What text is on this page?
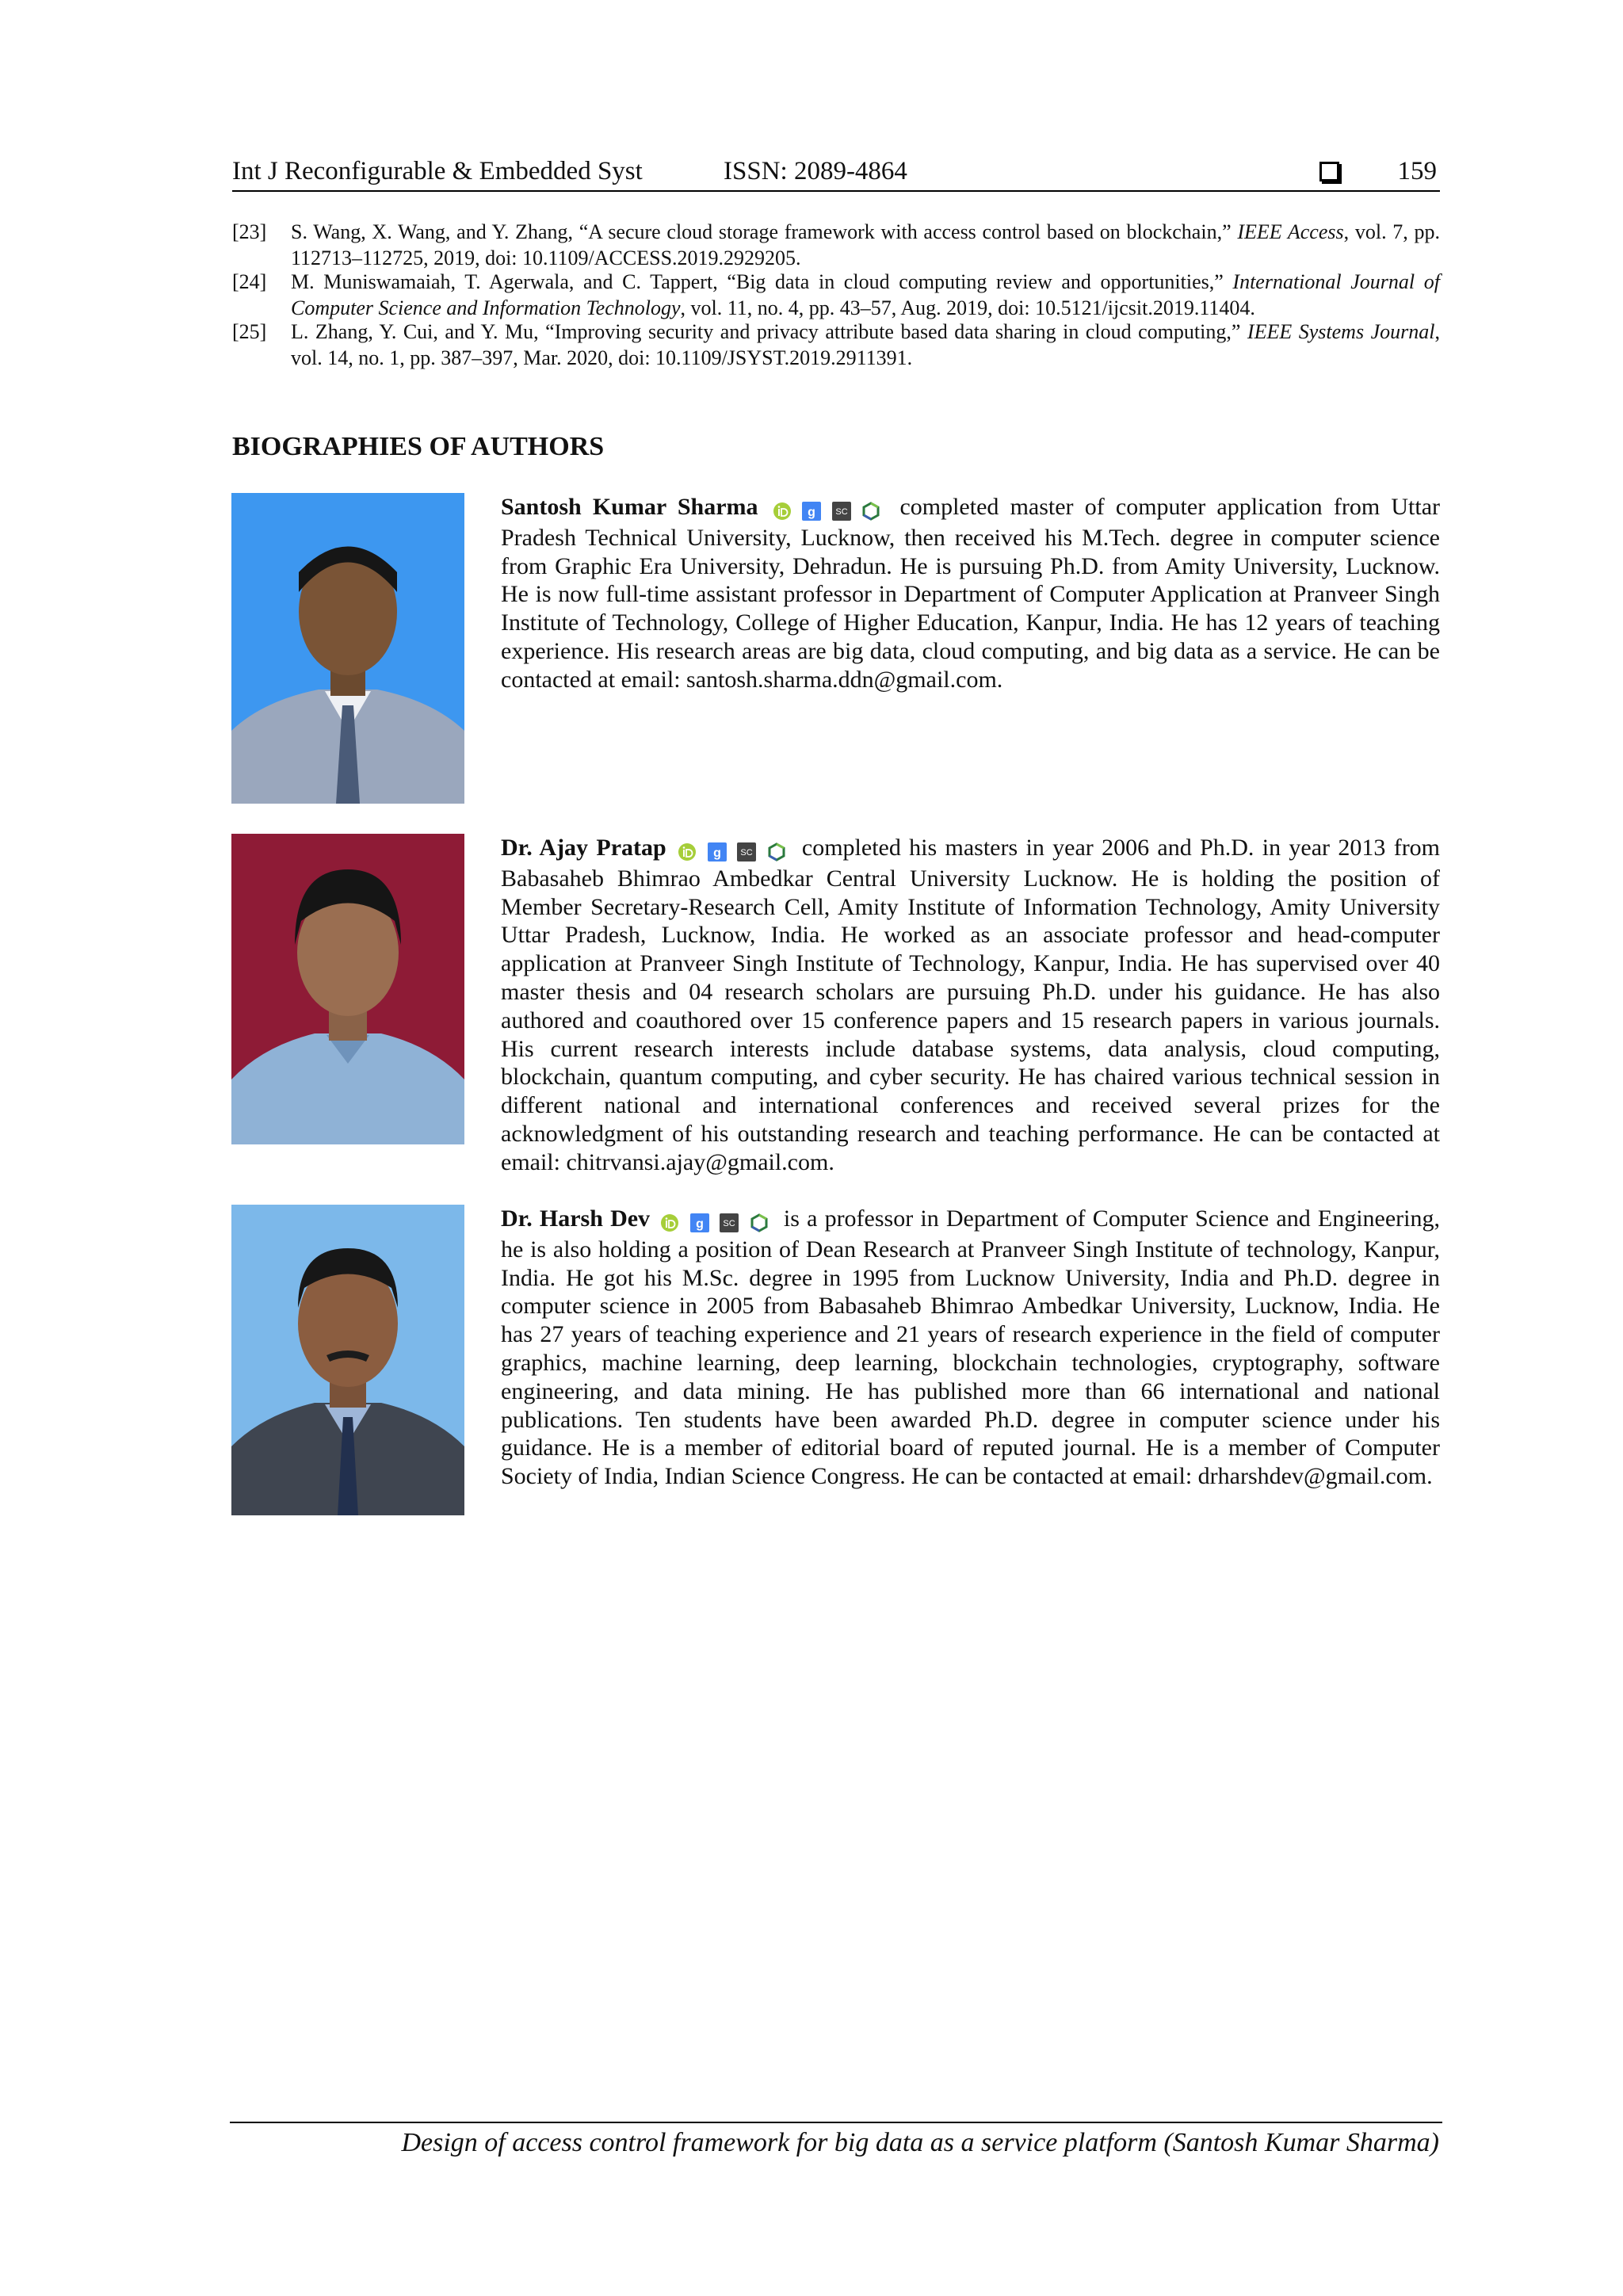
Int J Reconfigurable & Embedded Syst	ISSN: 2089-4864	159
[23] S. Wang, X. Wang, and Y. Zhang, “A secure cloud storage framework with access control based on blockchain,” IEEE Access, vol. 7, pp. 112713–112725, 2019, doi: 10.1109/ACCESS.2019.2929205.
[24] M. Muniswamaiah, T. Agerwala, and C. Tappert, “Big data in cloud computing review and opportunities,” International Journal of Computer Science and Information Technology, vol. 11, no. 4, pp. 43–57, Aug. 2019, doi: 10.5121/ijcsit.2019.11404.
[25] L. Zhang, Y. Cui, and Y. Mu, “Improving security and privacy attribute based data sharing in cloud computing,” IEEE Systems Journal, vol. 14, no. 1, pp. 387–397, Mar. 2020, doi: 10.1109/JSYST.2019.2911391.
BIOGRAPHIES OF AUTHORS
Santosh Kumar Sharma	g
SC completed master of computer application from Uttar Pradesh Technical University, Lucknow, then received his M.Tech. degree in computer science from Graphic Era University, Dehradun. He is pursuing Ph.D. from Amity University, Lucknow. He is now full-time assistant professor in Department of Computer Application at Pranveer Singh Institute of Technology, College of Higher Education, Kanpur, India. He has 12 years of teaching experience. His research areas are big data, cloud computing, and big data as a service. He can be contacted at email: santosh.sharma.ddn@gmail.com.
Dr. Ajay Pratap	g
SC completed his masters in year 2006 and Ph.D. in year 2013 from Babasaheb Bhimrao Ambedkar Central University Lucknow. He is holding the position of Member Secretary-Research Cell, Amity Institute of Information Technology, Amity University Uttar Pradesh, Lucknow, India. He worked as an associate professor and head-computer application at Pranveer Singh Institute of Technology, Kanpur, India. He has supervised over 40 master thesis and 04 research scholars are pursuing Ph.D. under his guidance. He has also authored and coauthored over 15 conference papers and 15 research papers in various journals. His current research interests include database systems, data analysis, cloud computing, blockchain, quantum computing, and cyber security. He has chaired various technical session in different national and international conferences and received several prizes for the acknowledgment of his outstanding research and teaching performance. He can be contacted at email: chitrvansi.ajay@gmail.com.
Dr. Harsh Dev	g
SC is a professor in Department of Computer Science and Engineering, he is also holding a position of Dean Research at Pranveer Singh Institute of technology, Kanpur, India. He got his M.Sc. degree in 1995 from Lucknow University, India and Ph.D. degree in computer science in 2005 from Babasaheb Bhimrao Ambedkar University, Lucknow, India. He has 27 years of teaching experience and 21 years of research experience in the field of computer graphics, machine learning, deep learning, blockchain technologies, cryptography, software engineering, and data mining. He has published more than 66 international and national publications. Ten students have been awarded Ph.D. degree in computer science under his guidance. He is a member of editorial board of reputed journal. He is a member of Computer Society of India, Indian Science Congress. He can be contacted at email: drharshdev@gmail.com.
Design of access control framework for big data as a service platform (Santosh Kumar Sharma)
